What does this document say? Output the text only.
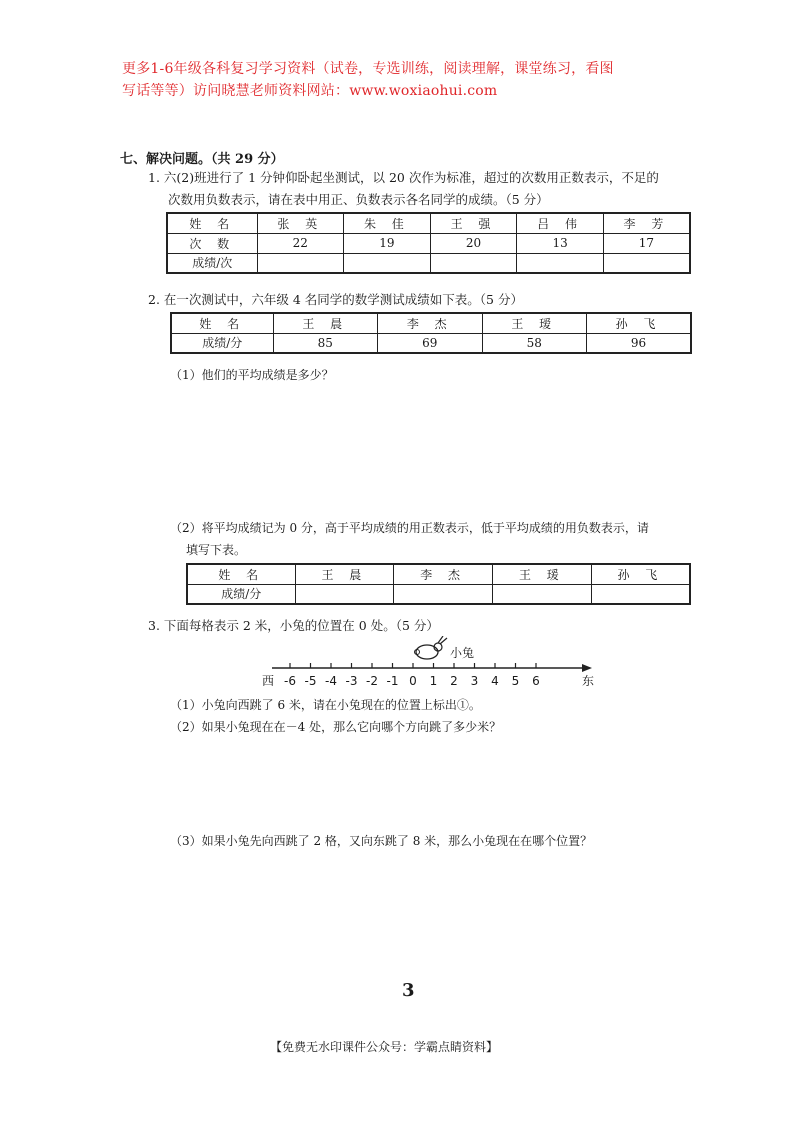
更多1-6年级各科复习学习资料（试卷，专选训练，阅读理解，课堂练习，看图
写话等等）访问晓慧老师资料网站：www.woxiaohui.com
七、解决问题。（共 29 分）
1. 六(2)班进行了 1 分钟仰卧起坐测试，以 20 次作为标准，超过的次数用正数表示，不足的
次数用负数表示，请在表中用正、负数表示各名同学的成绩。（5 分）
姓 名	张 英	朱 佳	王 强	吕 伟	李 芳
次 数	22	19	20	13	17
成绩/次					
2. 在一次测试中，六年级 4 名同学的数学测试成绩如下表。（5 分）
姓 名	王 晨	李 杰	王 瑷	孙 飞
成绩/分	85	69	58	96
（1）他们的平均成绩是多少？
（2）将平均成绩记为 0 分，高于平均成绩的用正数表示，低于平均成绩的用负数表示，请
填写下表。
姓 名	王 晨	李 杰	王 瑗	孙 飞
成绩/分				
3. 下面每格表示 2 米，小兔的位置在 0 处。（5 分）
小兔
-6 -5 -4 -3 -2 -1 0 1 2 3 4 5 6
西	东
（1）小兔向西跳了 6 米，请在小兔现在的位置上标出①。
（2）如果小兔现在在－4 处，那么它向哪个方向跳了多少米？
（3）如果小兔先向西跳了 2 格，又向东跳了 8 米，那么小兔现在在哪个位置？
3
【免费无水印课件公众号：学霸点睛资料】
